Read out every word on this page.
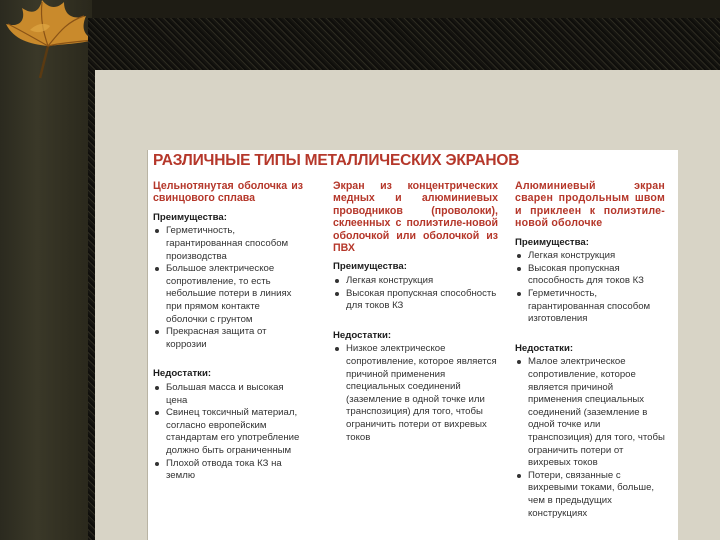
РАЗЛИЧНЫЕ ТИПЫ МЕТАЛЛИЧЕСКИХ ЭКРАНОВ
Цельнотянутая оболочка из свинцового сплава
Преимущества:
Герметичность, гарантированная способом производства
Большое электрическое сопротивление, то есть небольшие потери в линиях при прямом контакте оболочки с грунтом
Прекрасная защита от коррозии
Недостатки:
Большая масса и высокая цена
Свинец токсичный материал, согласно европейским стандартам его употребление должно быть ограниченным
Плохой отвода тока КЗ на землю
Экран из концентрических медных и алюминиевых проводников (проволоки), склеенных с полиэтиле-новой оболочкой или оболочкой из ПВХ
Преимущества:
Легкая конструкция
Высокая пропускная способность для токов КЗ
Недостатки:
Низкое электрическое сопротивление, которое является причиной применения специальных соединений (заземление в одной точке или транспозиция) для того, чтобы ограничить потери от вихревых токов
Алюминиевый экран сварен продольным швом и приклеен к полиэтиле-новой оболочке
Преимущества:
Легкая конструкция
Высокая пропускная способность для токов КЗ
Герметичность, гарантированная способом изготовления
Недостатки:
Малое электрическое сопротивление, которое является причиной применения специальных соединений (заземление в одной точке или транспозиция) для того, чтобы ограничить потери от вихревых токов
Потери, связанные с вихревыми токами, больше, чем в предыдущих конструкциях
